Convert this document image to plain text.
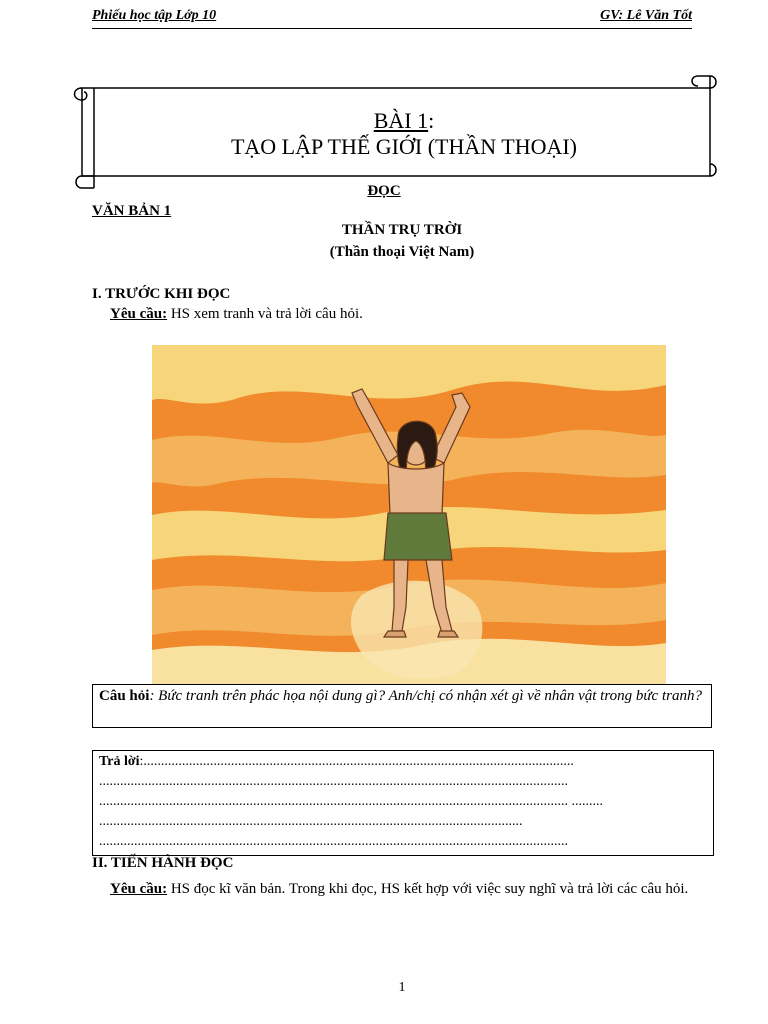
Phiếu học tập Lớp 10	GV: Lê Văn Tốt
BÀI 1:
TẠO LẬP THẾ GIỚI (THẦN THOẠI)
ĐỌC
VĂN BẢN 1
THẦN TRỤ TRỜI
(Thần thoại Việt Nam)
I. TRƯỚC KHI ĐỌC
Yêu cầu: HS xem tranh và trả lời câu hỏi.
Câu hỏi: Bức tranh trên phác họa nội dung gì? Anh/chị có nhận xét gì về nhân vật trong bức tranh?
Trả lời:...........................................................................................................................
......................................................................................................................................
...................................................................................................................................... .........
.........................................................................................................................
......................................................................................................................................
II. TIẾN HÀNH ĐỌC
Yêu cầu: HS đọc kĩ văn bản. Trong khi đọc, HS kết hợp với việc suy nghĩ và trả lời các câu hỏi.
1
